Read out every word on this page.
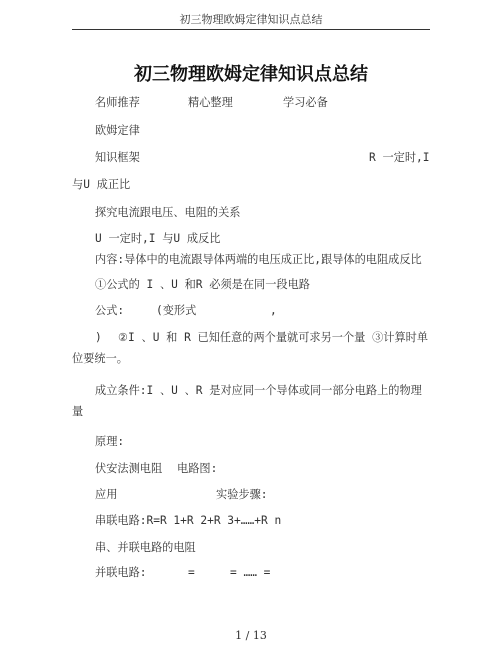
初三物理欧姆定律知识点总结
初三物理欧姆定律知识点总结
名师推荐	精心整理	学习必备
欧姆定律
知识框架	R 一定时,I
与U 成正比
探究电流跟电压、电阻的关系
U 一定时,I 与U 成反比
内容:导体中的电流跟导体两端的电压成正比,跟导体的电阻成反比
①公式的 I 、U 和R 必须是在同一段电路
公式:	(变形式	,
) ②I 、U 和 R 已知任意的两个量就可求另一个量 ③计算时单
位要统一。
成立条件:I 、U 、R 是对应同一个导体或同一部分电路上的物理
量
原理:
伏安法测电阻 电路图:
应用	实验步骤:
串联电路:R=R 1+R 2+R 3+……+R n
串、并联电路的电阻
并联电路:	=	= …… =
1 / 13
